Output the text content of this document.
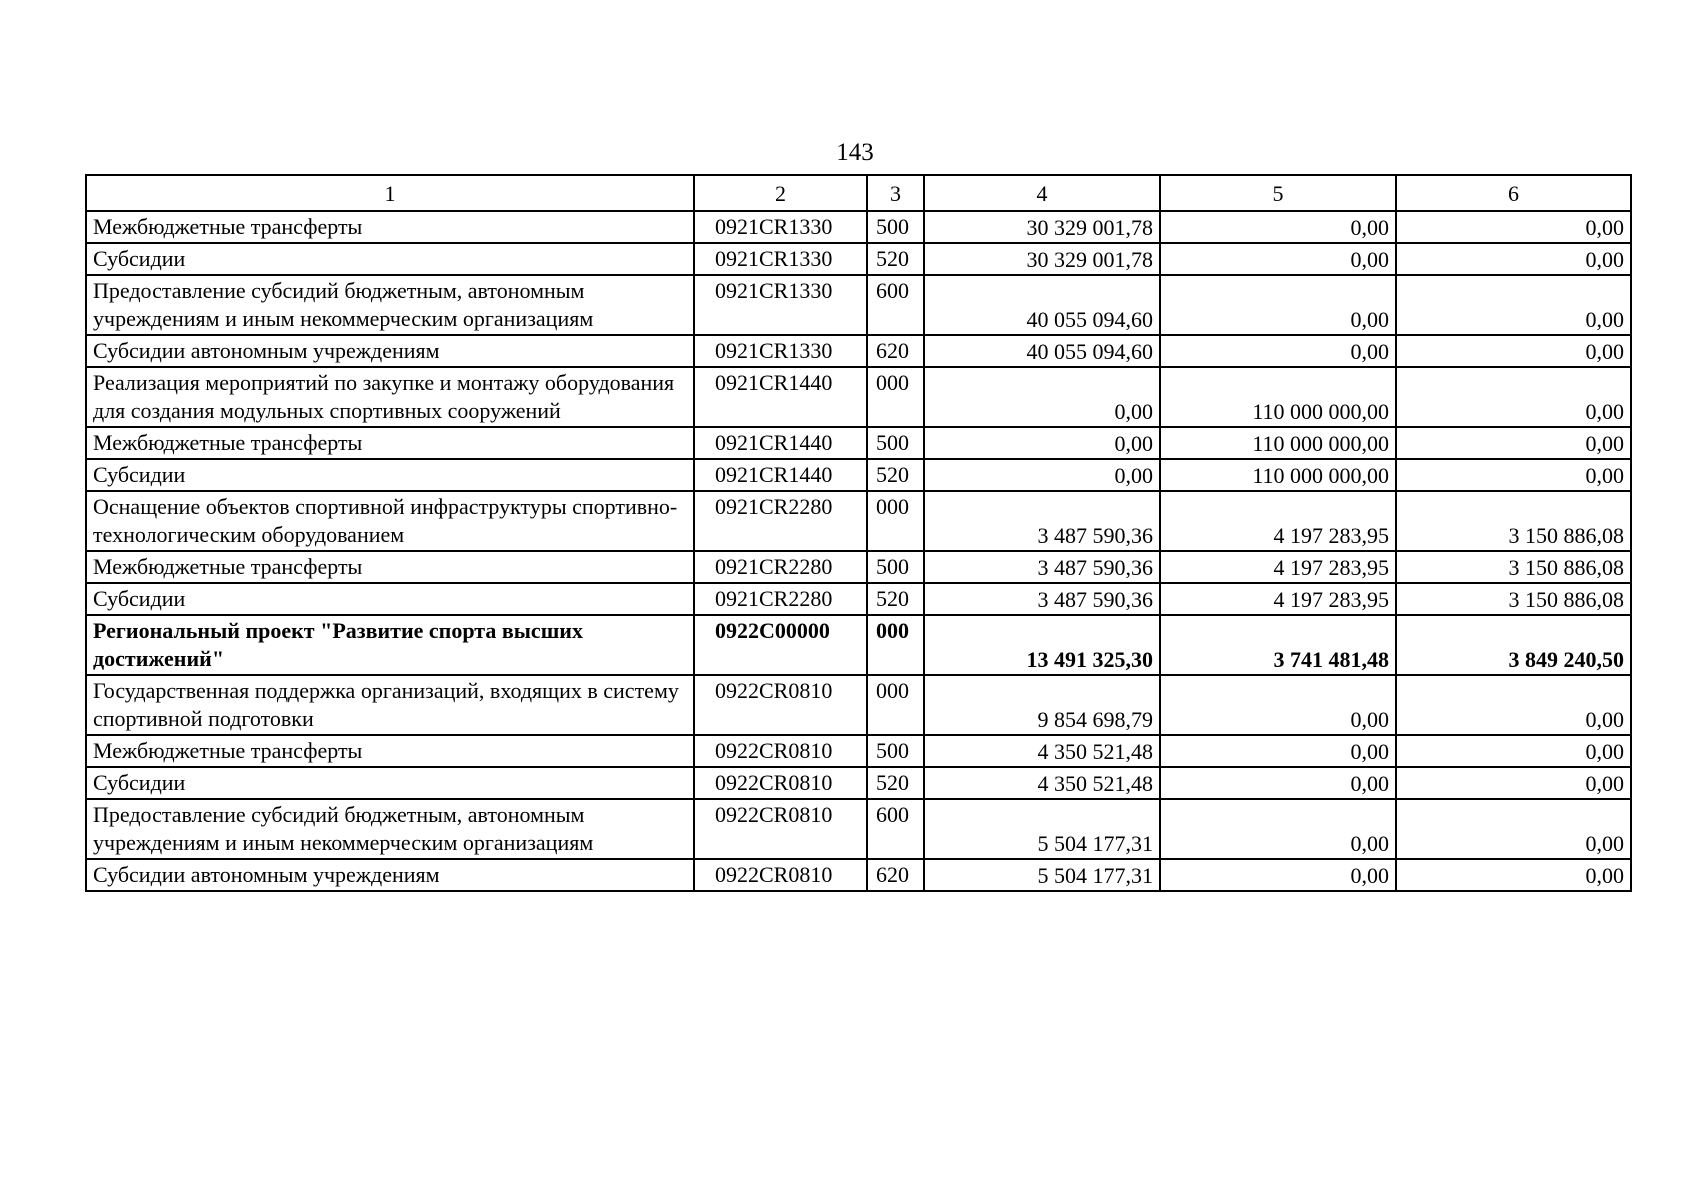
143
1	2	3	4	5	6
Межбюджетные трансферты	0921CR1330	500	30 329 001,78	0,00	0,00
Субсидии	0921CR1330	520	30 329 001,78	0,00	0,00
Предоставление субсидий бюджетным, автономным учреждениям и иным некоммерческим организациям	0921CR1330	600	40 055 094,60	0,00	0,00
Субсидии автономным учреждениям	0921CR1330	620	40 055 094,60	0,00	0,00
Реализация мероприятий по закупке и монтажу оборудования для создания модульных спортивных сооружений	0921CR1440	000	0,00	110 000 000,00	0,00
Межбюджетные трансферты	0921CR1440	500	0,00	110 000 000,00	0,00
Субсидии	0921CR1440	520	0,00	110 000 000,00	0,00
Оснащение объектов спортивной инфраструктуры спортивно-технологическим оборудованием	0921CR2280	000	3 487 590,36	4 197 283,95	3 150 886,08
Межбюджетные трансферты	0921CR2280	500	3 487 590,36	4 197 283,95	3 150 886,08
Субсидии	0921CR2280	520	3 487 590,36	4 197 283,95	3 150 886,08
Региональный проект "Развитие спорта высших достижений"	0922C00000	000	13 491 325,30	3 741 481,48	3 849 240,50
Государственная поддержка организаций, входящих в систему спортивной подготовки	0922CR0810	000	9 854 698,79	0,00	0,00
Межбюджетные трансферты	0922CR0810	500	4 350 521,48	0,00	0,00
Субсидии	0922CR0810	520	4 350 521,48	0,00	0,00
Предоставление субсидий бюджетным, автономным учреждениям и иным некоммерческим организациям	0922CR0810	600	5 504 177,31	0,00	0,00
Субсидии автономным учреждениям	0922CR0810	620	5 504 177,31	0,00	0,00
